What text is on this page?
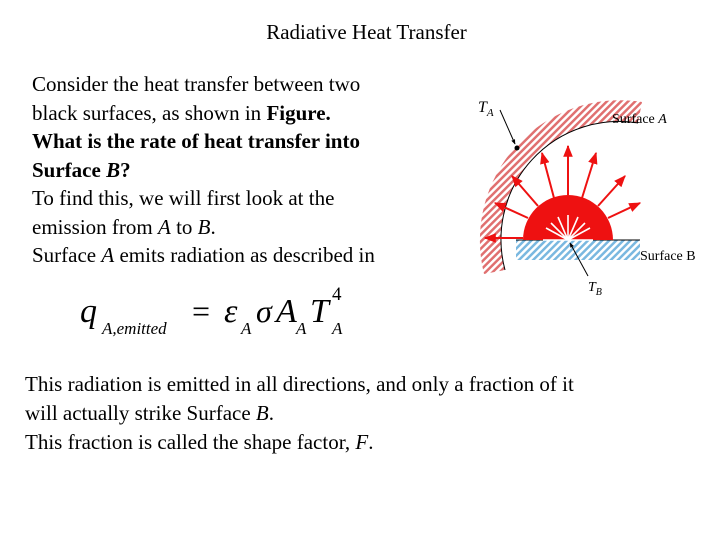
Radiative Heat Transfer
Consider the heat transfer between two
black surfaces, as shown in Figure.
What is the rate of heat transfer into
Surface B?
To find this, we will first look at the
emission from A to B.
Surface A emits radiation as described in
q A,emitted = ε A σ A A T 4
A
$T_A$	Surface A
Surface B
$T_B$
This radiation is emitted in all directions, and only a fraction of it
will actually strike Surface B.
This fraction is called the shape factor, F.
